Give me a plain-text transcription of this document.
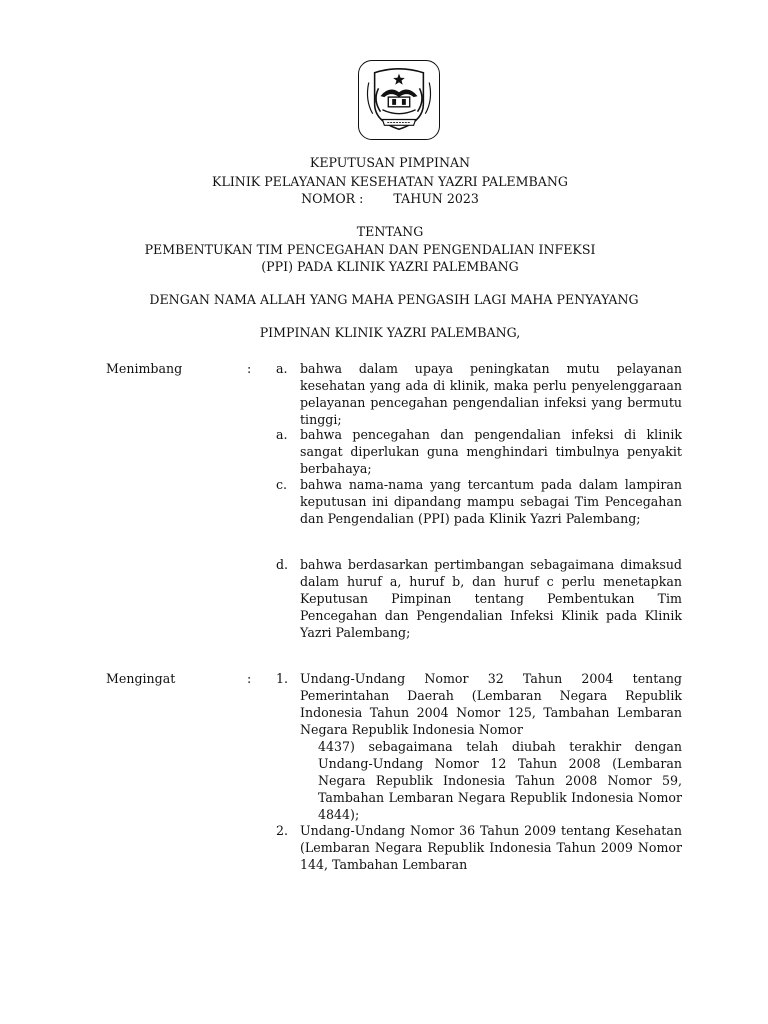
KEPUTUSAN PIMPINAN
KLINIK PELAYANAN KESEHATAN YAZRI PALEMBANG
NOMOR : TAHUN 2023
TENTANG
PEMBENTUKAN TIM PENCEGAHAN DAN PENGENDALIAN INFEKSI
(PPI) PADA KLINIK YAZRI PALEMBANG
DENGAN NAMA ALLAH YANG MAHA PENGASIH LAGI MAHA PENYAYANG
PIMPINAN KLINIK YAZRI PALEMBANG,
Menimbang	: a. bahwa dalam upaya peningkatan mutu pelayanan kesehatan yang ada di klinik, maka perlu penyelenggaraan pelayanan pencegahan pengendalian infeksi yang bermutu tinggi;
a. bahwa pencegahan dan pengendalian infeksi di klinik sangat diperlukan guna menghindari timbulnya penyakit berbahaya;
c.	bahwa nama-nama yang tercantum pada dalam lampiran keputusan ini dipandang mampu sebagai Tim Pencegahan dan Pengendalian (PPI) pada Klinik Yazri Palembang;
d. bahwa berdasarkan pertimbangan sebagaimana dimaksud dalam huruf a, huruf b, dan huruf c perlu menetapkan Keputusan Pimpinan tentang Pembentukan Tim Pencegahan dan Pengendalian Infeksi Klinik pada Klinik Yazri Palembang;
Mengingat	: 1. Undang-Undang Nomor 32 Tahun 2004 tentang Pemerintahan Daerah (Lembaran Negara Republik Indonesia Tahun 2004 Nomor 125, Tambahan Lembaran Negara Republik Indonesia Nomor
4437) sebagaimana telah diubah terakhir dengan Undang-Undang Nomor 12 Tahun 2008 (Lembaran Negara Republik Indonesia Tahun 2008 Nomor 59, Tambahan Lembaran Negara Republik Indonesia Nomor 4844);
2. Undang-Undang Nomor 36 Tahun 2009 tentang Kesehatan (Lembaran Negara Republik Indonesia Tahun 2009 Nomor 144, Tambahan Lembaran
